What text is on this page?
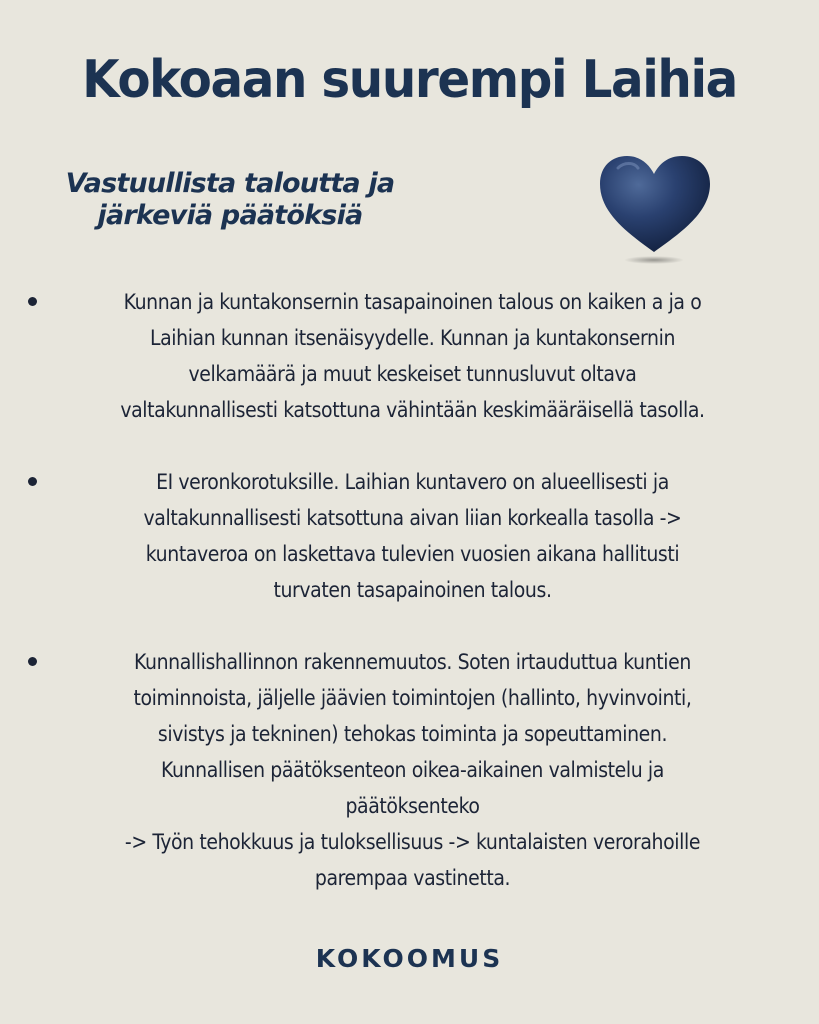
Kokoaan suurempi Laihia
Vastuullista taloutta ja
järkeviä päätöksiä
Kunnan ja kuntakonsernin tasapainoinen talous on kaiken a ja o
Laihian kunnan itsenäisyydelle. Kunnan ja kuntakonsernin
velkamäärä ja muut keskeiset tunnusluvut oltava
valtakunnallisesti katsottuna vähintään keskimääräisellä tasolla.
EI veronkorotuksille. Laihian kuntavero on alueellisesti ja
valtakunnallisesti katsottuna aivan liian korkealla tasolla ->
kuntaveroa on laskettava tulevien vuosien aikana hallitusti
turvaten tasapainoinen talous.
Kunnallishallinnon rakennemuutos. Soten irtauduttua kuntien
toiminnoista, jäljelle jäävien toimintojen (hallinto, hyvinvointi,
sivistys ja tekninen) tehokas toiminta ja sopeuttaminen.
Kunnallisen päätöksenteon oikea-aikainen valmistelu ja
päätöksenteko
-> Työn tehokkuus ja tuloksellisuus -> kuntalaisten verorahoille
parempaa vastinetta.
KOKOOMUS
